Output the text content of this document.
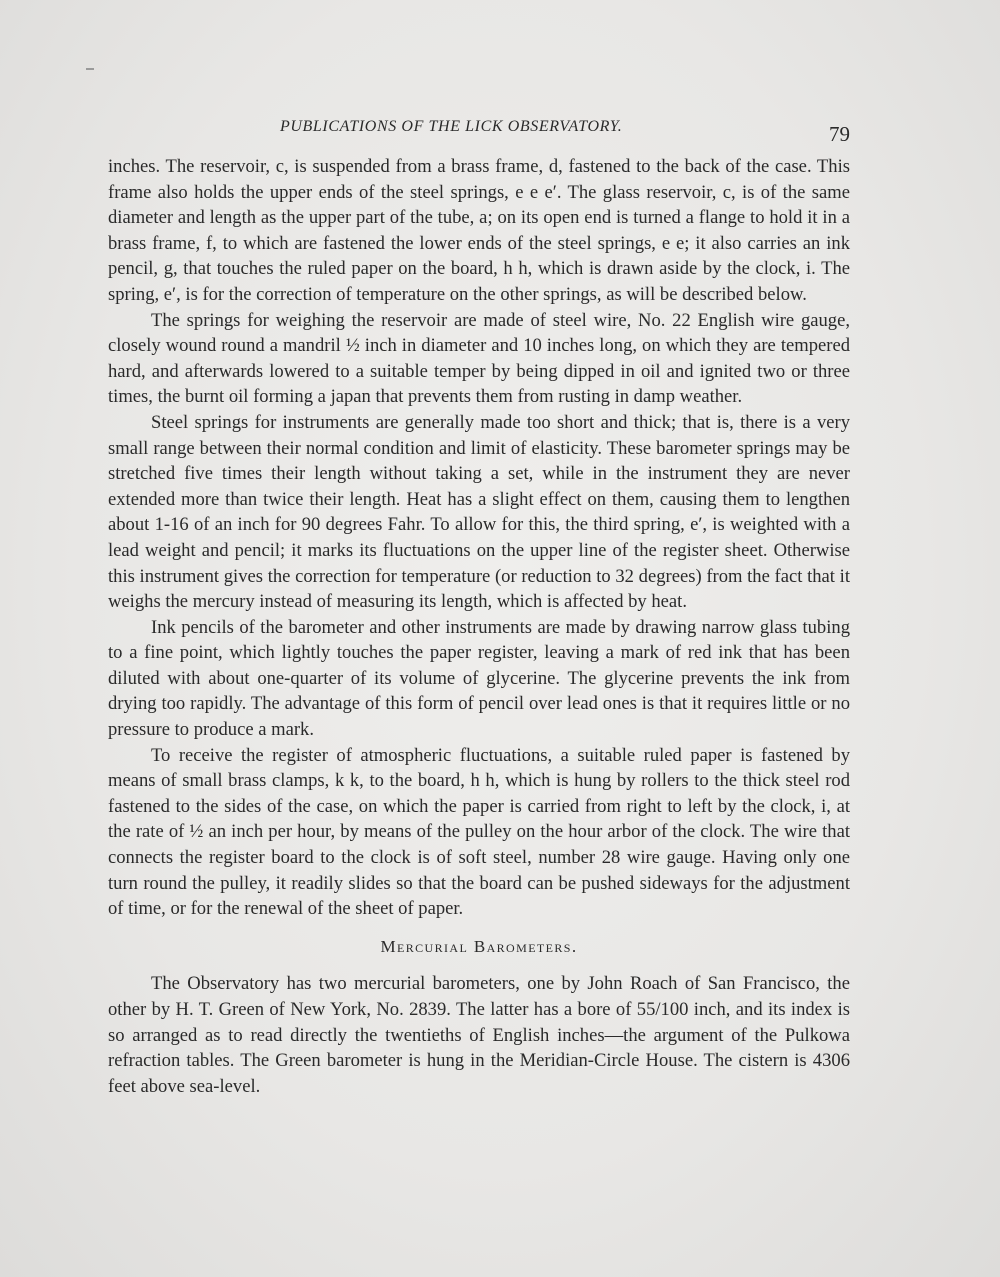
PUBLICATIONS OF THE LICK OBSERVATORY.	79

inches. The reservoir, c, is suspended from a brass frame, d, fastened to the back of the case. This frame also holds the upper ends of the steel springs, e e e′. The glass reservoir, c, is of the same diameter and length as the upper part of the tube, a; on its open end is turned a flange to hold it in a brass frame, f, to which are fastened the lower ends of the steel springs, e e; it also carries an ink pencil, g, that touches the ruled paper on the board, h h, which is drawn aside by the clock, i. The spring, e′, is for the correction of temperature on the other springs, as will be described below.

The springs for weighing the reservoir are made of steel wire, No. 22 English wire gauge, closely wound round a mandril ½ inch in diameter and 10 inches long, on which they are tempered hard, and afterwards lowered to a suitable temper by being dipped in oil and ignited two or three times, the burnt oil forming a japan that prevents them from rusting in damp weather.

Steel springs for instruments are generally made too short and thick; that is, there is a very small range between their normal condition and limit of elasticity. These barometer springs may be stretched five times their length without taking a set, while in the instrument they are never extended more than twice their length. Heat has a slight effect on them, causing them to lengthen about 1-16 of an inch for 90 degrees Fahr. To allow for this, the third spring, e′, is weighted with a lead weight and pencil; it marks its fluctuations on the upper line of the register sheet. Otherwise this instrument gives the correction for temperature (or reduction to 32 degrees) from the fact that it weighs the mercury instead of measuring its length, which is affected by heat.

Ink pencils of the barometer and other instruments are made by drawing narrow glass tubing to a fine point, which lightly touches the paper register, leaving a mark of red ink that has been diluted with about one-quarter of its volume of glycerine. The glycerine prevents the ink from drying too rapidly. The advantage of this form of pencil over lead ones is that it requires little or no pressure to produce a mark.

To receive the register of atmospheric fluctuations, a suitable ruled paper is fastened by means of small brass clamps, k k, to the board, h h, which is hung by rollers to the thick steel rod fastened to the sides of the case, on which the paper is carried from right to left by the clock, i, at the rate of ½ an inch per hour, by means of the pulley on the hour arbor of the clock. The wire that connects the register board to the clock is of soft steel, number 28 wire gauge. Having only one turn round the pulley, it readily slides so that the board can be pushed sideways for the adjustment of time, or for the renewal of the sheet of paper.

Mercurial Barometers.

The Observatory has two mercurial barometers, one by John Roach of San Francisco, the other by H. T. Green of New York, No. 2839. The latter has a bore of 55/100 inch, and its index is so arranged as to read directly the twentieths of English inches—the argument of the Pulkowa refraction tables. The Green barometer is hung in the Meridian-Circle House. The cistern is 4306 feet above sea-level.
